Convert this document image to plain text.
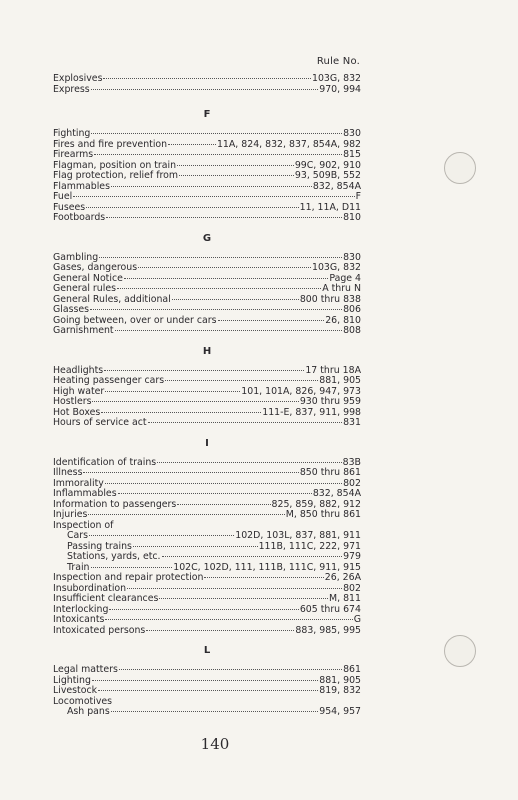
Rule No.
Explosives	103G, 832
Express	970, 994
F
Fighting	830
Fires and fire prevention	11A, 824, 832, 837, 854A, 982
Firearms	815
Flagman, position on train	99C, 902, 910
Flag protection, relief from	93, 509B, 552
Flammables	832, 854A
Fuel	F
Fusees	11, 11A, D11
Footboards	810
G
Gambling	830
Gases, dangerous	103G, 832
General Notice	Page 4
General rules	A thru N
General Rules, additional	800 thru 838
Glasses	806
Going between, over or under cars	26, 810
Garnishment	808
H
Headlights	17 thru 18A
Heating passenger cars	881, 905
High water	101, 101A, 826, 947, 973
Hostlers	930 thru 959
Hot Boxes	111-E, 837, 911, 998
Hours of service act	831
I
Identification of trains	83B
Illness	850 thru 861
Immorality	802
Inflammables	832, 854A
Information to passengers	825, 859, 882, 912
Injuries	M, 850 thru 861
Inspection of
Cars	102D, 103L, 837, 881, 911
Passing trains	111B, 111C, 222, 971
Stations, yards, etc.	979
Train	102C, 102D, 111, 111B, 111C, 911, 915
Inspection and repair protection	26, 26A
Insubordination	802
Insufficient clearances	M, 811
Interlocking	605 thru 674
Intoxicants	G
Intoxicated persons	883, 985, 995
L
Legal matters	861
Lighting	881, 905
Livestock	819, 832
Locomotives
Ash pans	954, 957
140
